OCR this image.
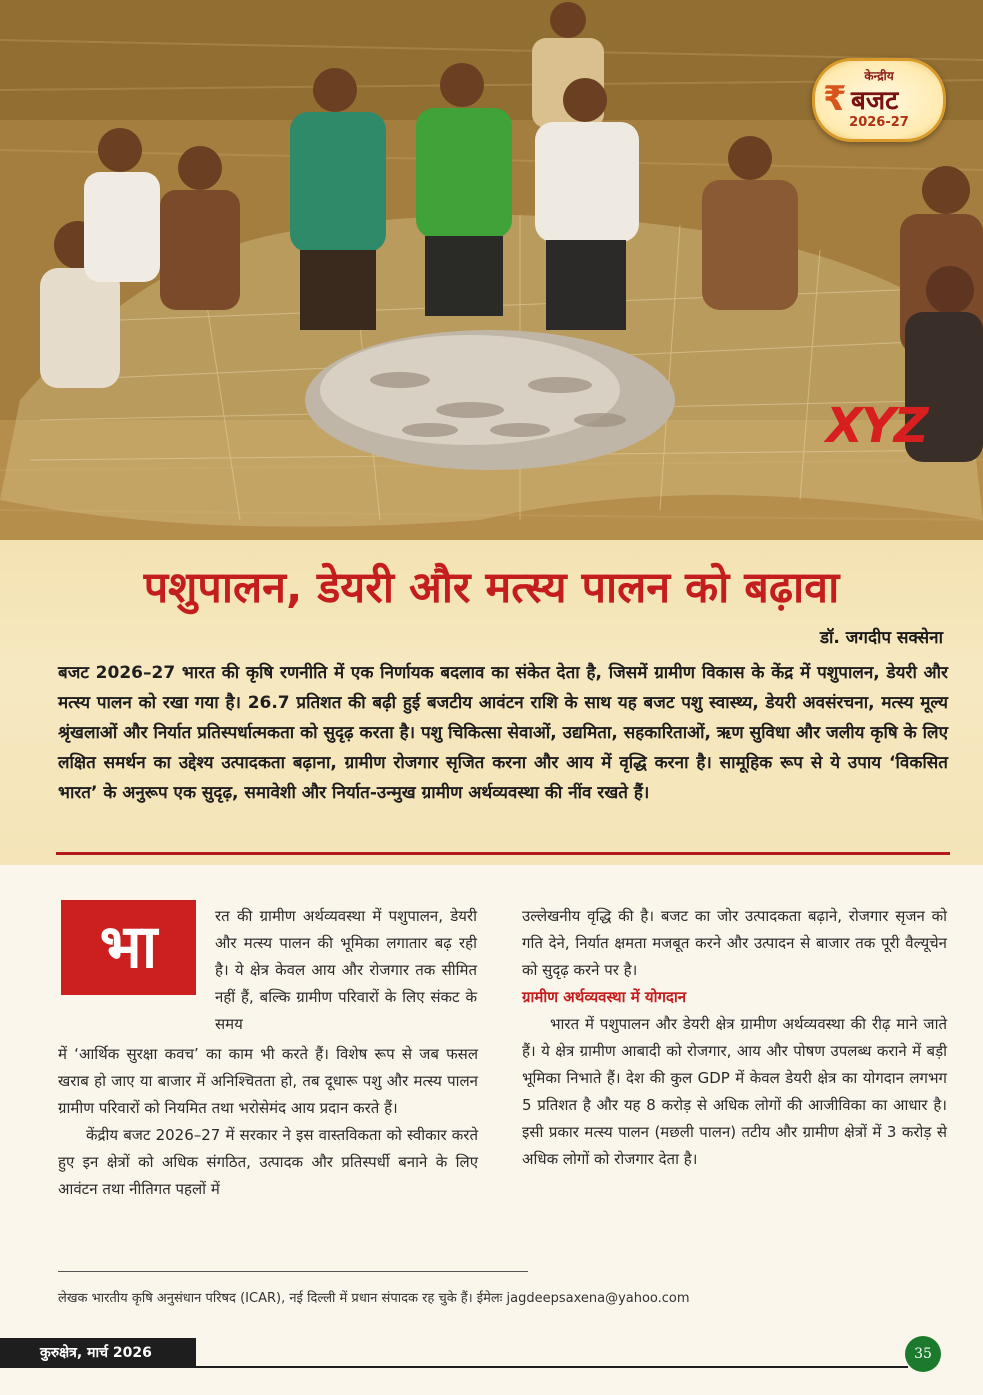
केन्द्रीय
₹ बजट
2026-27
XYZ
पशुपालन, डेयरी और मत्स्य पालन को बढ़ावा
डॉ. जगदीप सक्सेना
बजट 2026–27 भारत की कृषि रणनीति में एक निर्णायक बदलाव का संकेत देता है, जिसमें ग्रामीण विकास के केंद्र में पशुपालन, डेयरी और मत्स्य पालन को रखा गया है। 26.7 प्रतिशत की बढ़ी हुई बजटीय आवंटन राशि के साथ यह बजट पशु स्वास्थ्य, डेयरी अवसंरचना, मत्स्य मूल्य श्रृंखलाओं और निर्यात प्रतिस्पर्धात्मकता को सुदृढ़ करता है। पशु चिकित्सा सेवाओं, उद्यमिता, सहकारिताओं, ऋण सुविधा और जलीय कृषि के लिए लक्षित समर्थन का उद्देश्य उत्पादकता बढ़ाना, ग्रामीण रोजगार सृजित करना और आय में वृद्धि करना है। सामूहिक रूप से ये उपाय ‘विकसित भारत’ के अनुरूप एक सुदृढ़, समावेशी और निर्यात-उन्मुख ग्रामीण अर्थव्यवस्था की नींव रखते हैं।
भा	रत की ग्रामीण अर्थव्यवस्था में पशुपालन, डेयरी और मत्स्य पालन की भूमिका लगातार बढ़ रही है। ये क्षेत्र केवल आय और रोजगार तक सीमित नहीं हैं, बल्कि ग्रामीण परिवारों के लिए संकट के समय

में ‘आर्थिक सुरक्षा कवच’ का काम भी करते हैं। विशेष रूप से जब फसल खराब हो जाए या बाजार में अनिश्चितता हो, तब दूधारू पशु और मत्स्य पालन ग्रामीण परिवारों को नियमित तथा भरोसेमंद आय प्रदान करते हैं।

केंद्रीय बजट 2026–27 में सरकार ने इस वास्तविकता को स्वीकार करते हुए इन क्षेत्रों को अधिक संगठित, उत्पादक और प्रतिस्पर्धी बनाने के लिए आवंटन तथा नीतिगत पहलों में

उल्लेखनीय वृद्धि की है। बजट का जोर उत्पादकता बढ़ाने, रोजगार सृजन को गति देने, निर्यात क्षमता मजबूत करने और उत्पादन से बाजार तक पूरी वैल्यूचेन को सुदृढ़ करने पर है।

ग्रामीण अर्थव्यवस्था में योगदान

भारत में पशुपालन और डेयरी क्षेत्र ग्रामीण अर्थव्यवस्था की रीढ़ माने जाते हैं। ये क्षेत्र ग्रामीण आबादी को रोजगार, आय और पोषण उपलब्ध कराने में बड़ी भूमिका निभाते हैं। देश की कुल GDP में केवल डेयरी क्षेत्र का योगदान लगभग 5 प्रतिशत है और यह 8 करोड़ से अधिक लोगों की आजीविका का आधार है। इसी प्रकार मत्स्य पालन (मछली पालन) तटीय और ग्रामीण क्षेत्रों में 3 करोड़ से अधिक लोगों को रोजगार देता है।

लेखक भारतीय कृषि अनुसंधान परिषद (ICAR), नई दिल्ली में प्रधान संपादक रह चुके हैं। ईमेलः jagdeepsaxena@yahoo.com
कुरुक्षेत्र, मार्च 2026	35
